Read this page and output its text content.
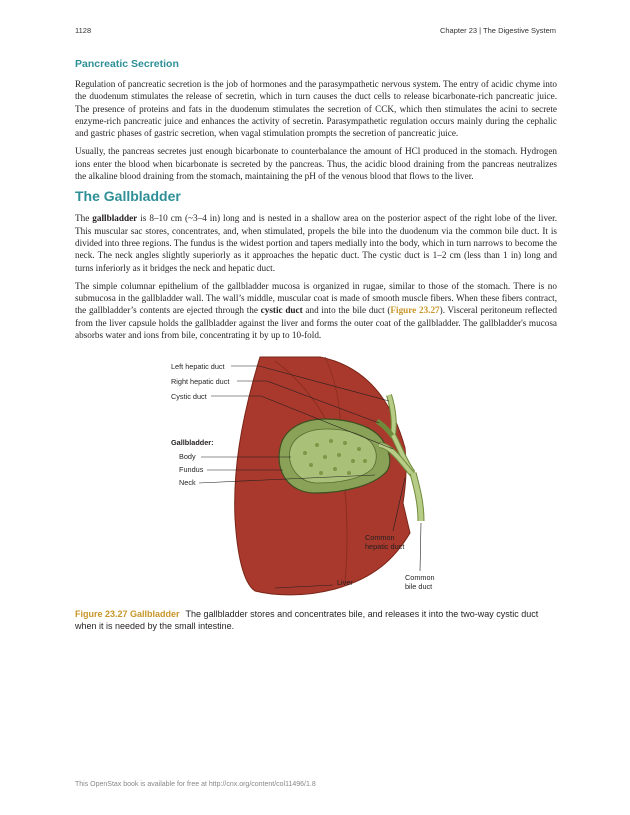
1128	Chapter 23 | The Digestive System
Pancreatic Secretion

Regulation of pancreatic secretion is the job of hormones and the parasympathetic nervous system. The entry of acidic chyme into the duodenum stimulates the release of secretin, which in turn causes the duct cells to release bicarbonate-rich pancreatic juice. The presence of proteins and fats in the duodenum stimulates the secretion of CCK, which then stimulates the acini to secrete enzyme-rich pancreatic juice and enhances the activity of secretin. Parasympathetic regulation occurs mainly during the cephalic and gastric phases of gastric secretion, when vagal stimulation prompts the secretion of pancreatic juice.

Usually, the pancreas secretes just enough bicarbonate to counterbalance the amount of HCl produced in the stomach. Hydrogen ions enter the blood when bicarbonate is secreted by the pancreas. Thus, the acidic blood draining from the pancreas neutralizes the alkaline blood draining from the stomach, maintaining the pH of the venous blood that flows to the liver.

The Gallbladder

The gallbladder is 8–10 cm (~3–4 in) long and is nested in a shallow area on the posterior aspect of the right lobe of the liver. This muscular sac stores, concentrates, and, when stimulated, propels the bile into the duodenum via the common bile duct. It is divided into three regions. The fundus is the widest portion and tapers medially into the body, which in turn narrows to become the neck. The neck angles slightly superiorly as it approaches the hepatic duct. The cystic duct is 1–2 cm (less than 1 in) long and turns inferiorly as it bridges the neck and hepatic duct.

The simple columnar epithelium of the gallbladder mucosa is organized in rugae, similar to those of the stomach. There is no submucosa in the gallbladder wall. The wall’s middle, muscular coat is made of smooth muscle fibers. When these fibers contract, the gallbladder’s contents are ejected through the cystic duct and into the bile duct (Figure 23.27). Visceral peritoneum reflected from the liver capsule holds the gallbladder against the liver and forms the outer coat of the gallbladder. The gallbladder's mucosa absorbs water and ions from bile, concentrating it by up to 10-fold.

Left hepatic duct
Right hepatic duct
Cystic duct
Gallbladder:
Body
Fundus
Neck
Common
hepatic duct
Common
bile duct
Liver
Figure 23.27 Gallbladder The gallbladder stores and concentrates bile, and releases it into the two-way cystic duct when it is needed by the small intestine.
This OpenStax book is available for free at http://cnx.org/content/col11496/1.8
